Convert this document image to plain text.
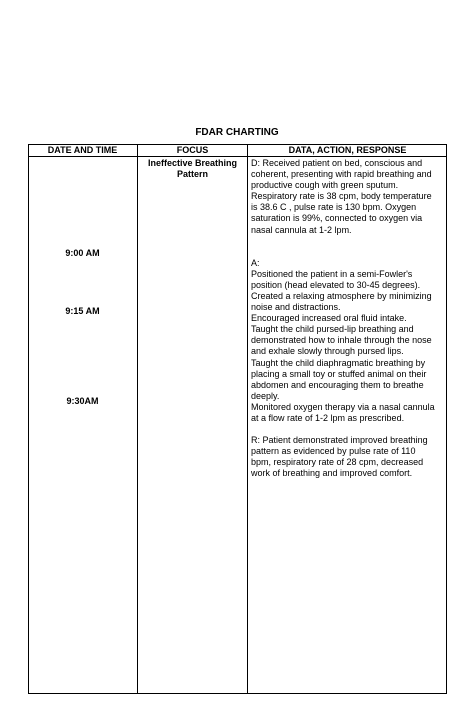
FDAR CHARTING
DATE AND TIME	FOCUS	DATA, ACTION, RESPONSE
9:00 AM
9:15 AM
9:30AM
Ineffective Breathing
Pattern

D: Received patient on bed, conscious and
coherent, presenting with rapid breathing and
productive cough with green sputum.
Respiratory rate is 38 cpm, body temperature
is 38.6 C , pulse rate is 130 bpm. Oxygen
saturation is 99%, connected to oxygen via
nasal cannula at 1-2 lpm.

A:
Positioned the patient in a semi-Fowler's
position (head elevated to 30-45 degrees).
Created a relaxing atmosphere by minimizing
noise and distractions.
Encouraged increased oral fluid intake.
Taught the child pursed-lip breathing and
demonstrated how to inhale through the nose
and exhale slowly through pursed lips.
Taught the child diaphragmatic breathing by
placing a small toy or stuffed animal on their
abdomen and encouraging them to breathe
deeply.
Monitored oxygen therapy via a nasal cannula
at a flow rate of 1-2 lpm as prescribed.

R: Patient demonstrated improved breathing
pattern as evidenced by pulse rate of 110
bpm, respiratory rate of 28 cpm, decreased
work of breathing and improved comfort.
